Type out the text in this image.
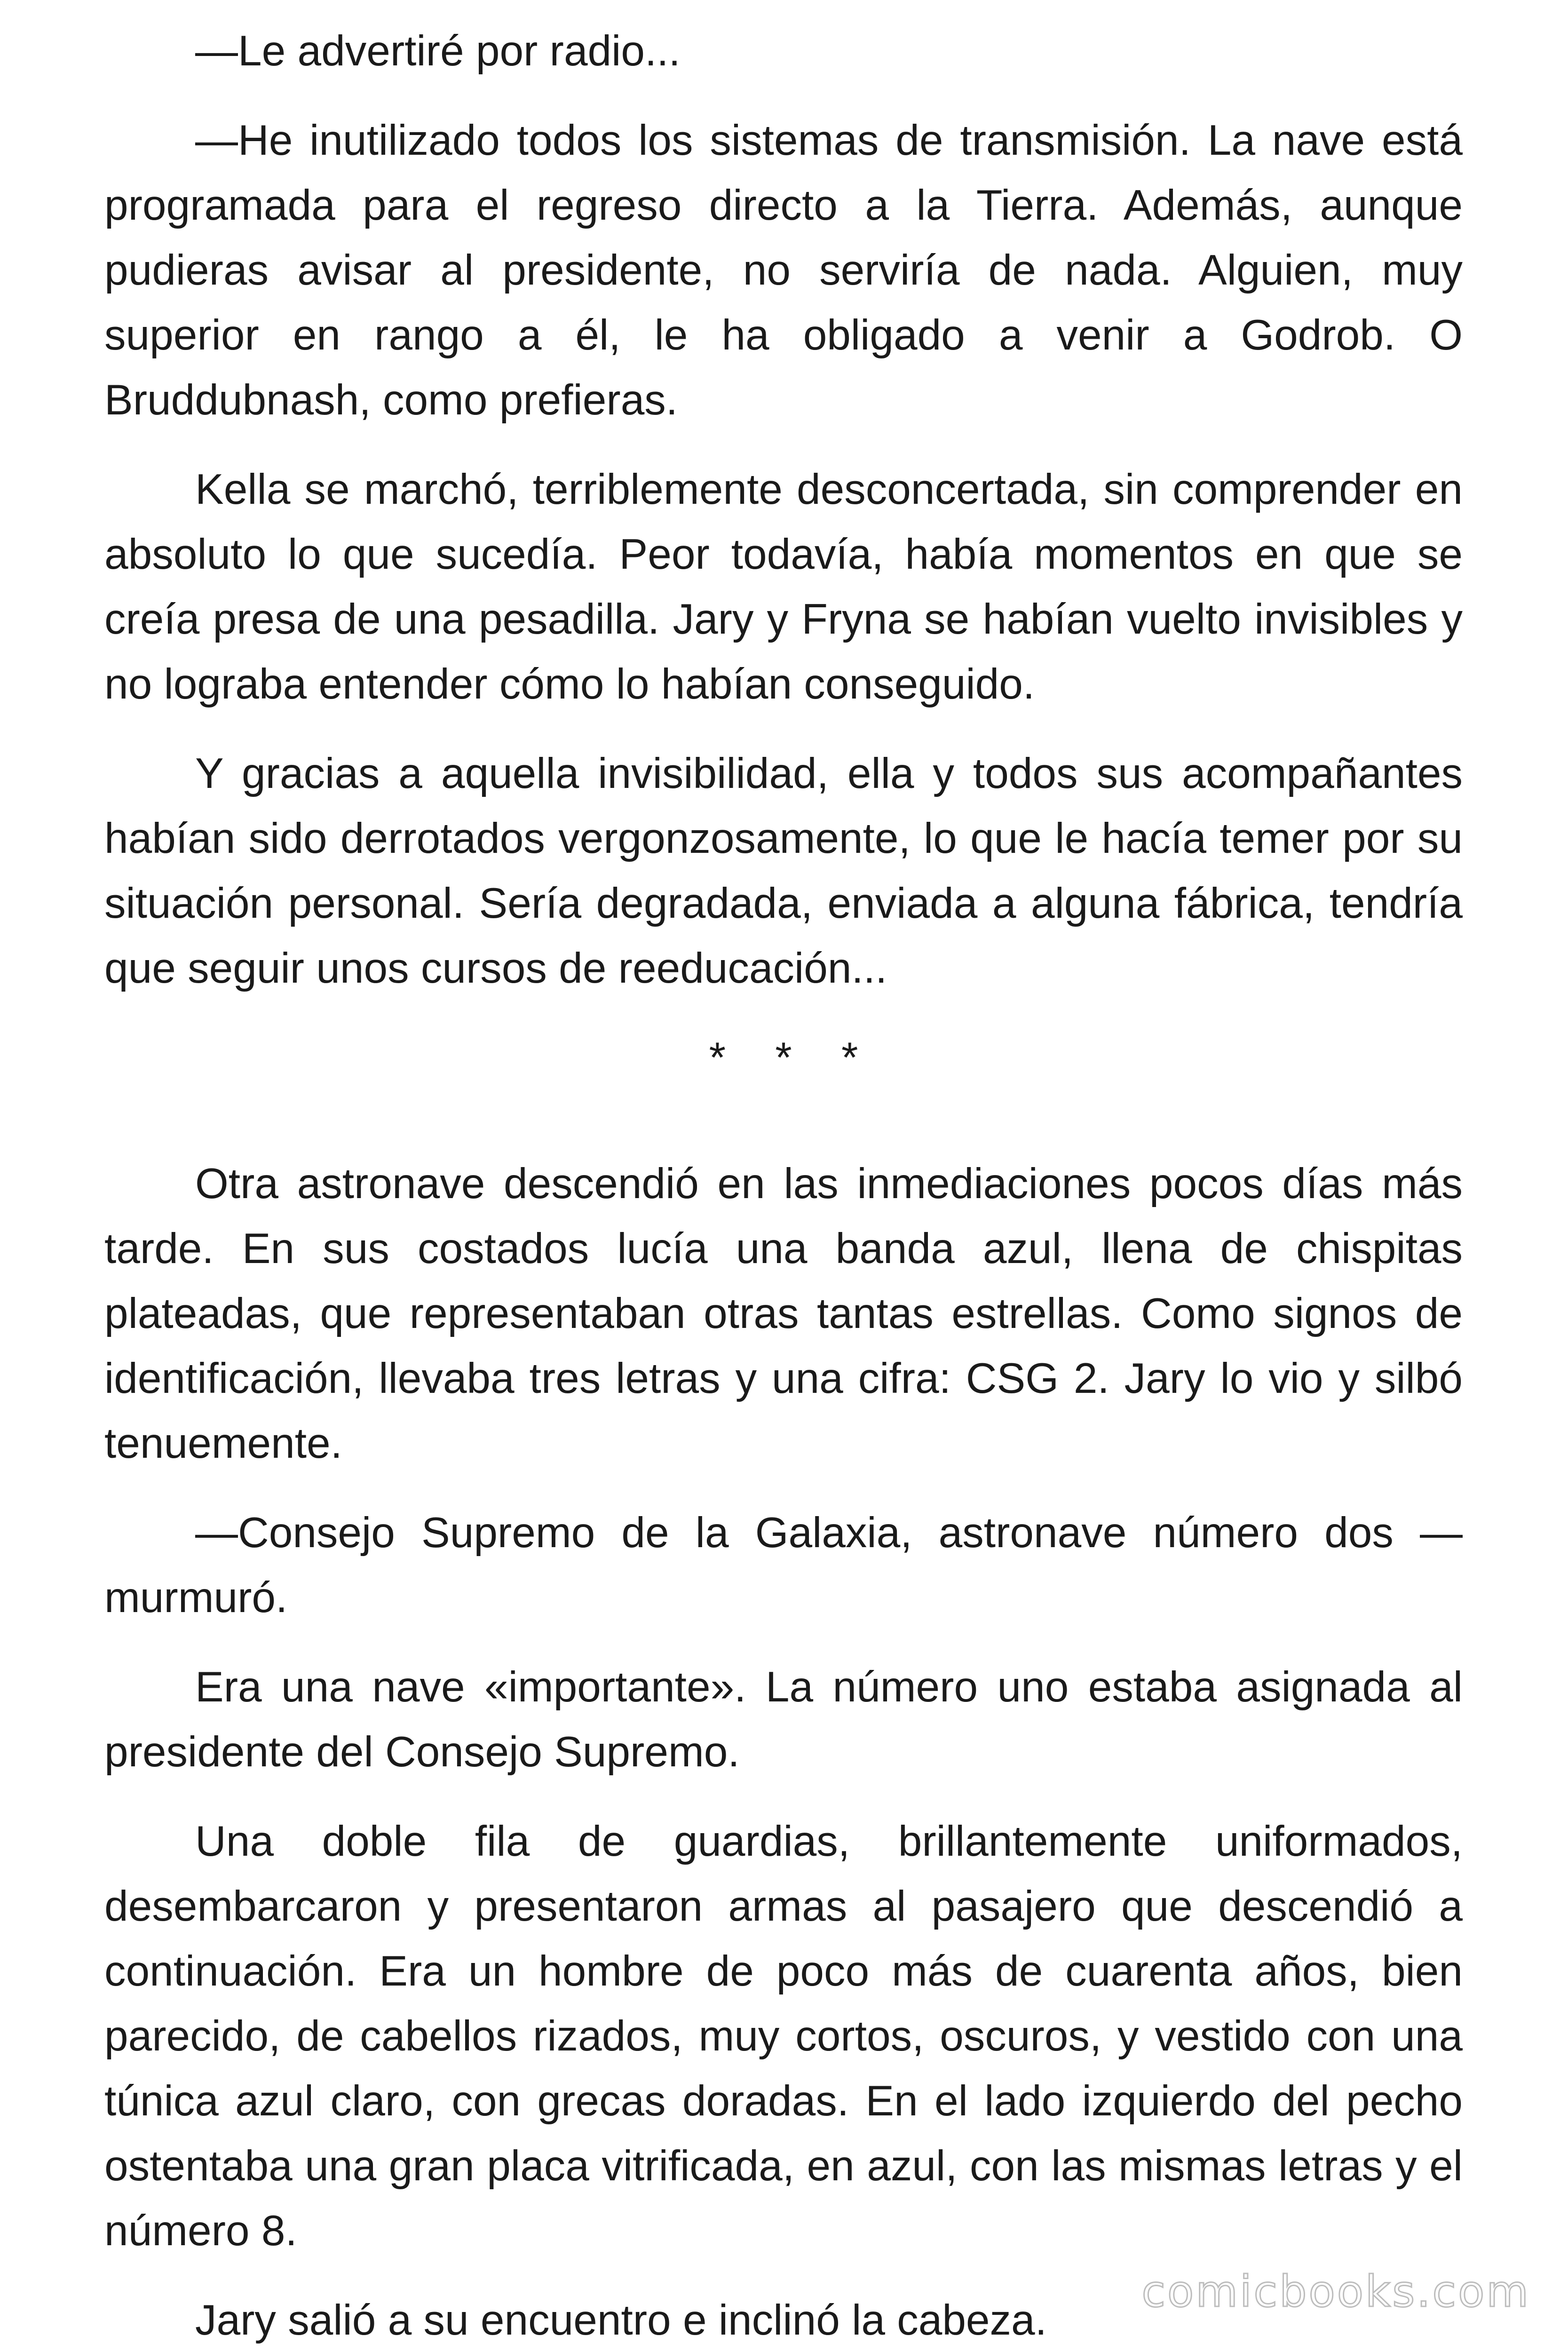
—Le advertiré por radio...

—He inutilizado todos los sistemas de transmisión. La nave está programada para el regreso directo a la Tierra. Además, aunque pudieras avisar al presidente, no serviría de nada. Alguien, muy superior en rango a él, le ha obligado a venir a Godrob. O Bruddubnash, como prefieras.

Kella se marchó, terriblemente desconcertada, sin comprender en absoluto lo que sucedía. Peor todavía, había momentos en que se creía presa de una pesadilla. Jary y Fryna se habían vuelto invisibles y no lograba entender cómo lo habían conseguido.

Y gracias a aquella invisibilidad, ella y todos sus acompañantes habían sido derrotados vergonzosamente, lo que le hacía temer por su situación personal. Sería degradada, enviada a alguna fábrica, tendría que seguir unos cursos de reeducación...

* * *

Otra astronave descendió en las inmediaciones pocos días más tarde. En sus costados lucía una banda azul, llena de chispitas plateadas, que representaban otras tantas estrellas. Como signos de identificación, llevaba tres letras y una cifra: CSG 2. Jary lo vio y silbó tenuemente.

—Consejo Supremo de la Galaxia, astronave número dos — murmuró.

Era una nave «importante». La número uno estaba asignada al presidente del Consejo Supremo.

Una doble fila de guardias, brillantemente uniformados, desembarcaron y presentaron armas al pasajero que descendió a continuación. Era un hombre de poco más de cuarenta años, bien parecido, de cabellos rizados, muy cortos, oscuros, y vestido con una túnica azul claro, con grecas doradas. En el lado izquierdo del pecho ostentaba una gran placa vitrificada, en azul, con las mismas letras y el número 8.

Jary salió a su encuentro e inclinó la cabeza.

comicbooks.com
